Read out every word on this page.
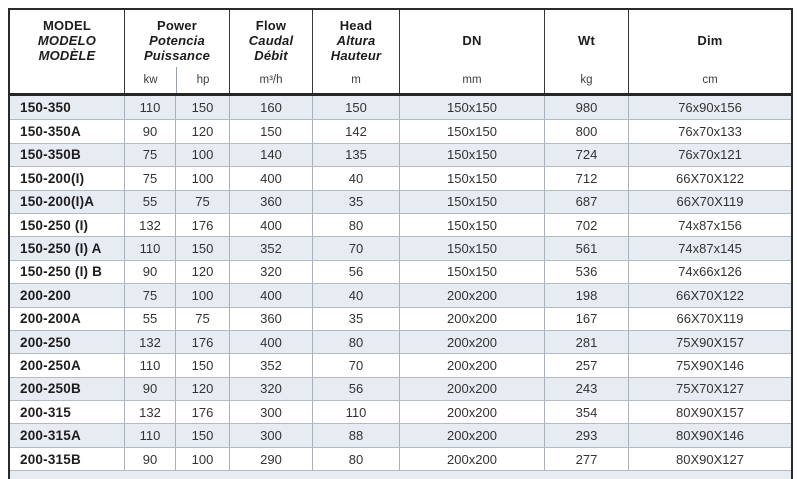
MODEL
MODELO
MODÈLE
Power
Potencia
Puissance
kw	hp
Flow
Caudal
Débit
m³/h
Head
Altura
Hauteur
m
DN
mm
Wt
kg
Dim
cm
150-350	110	150	160	150	150x150	980	76x90x156
150-350A	90	120	150	142	150x150	800	76x70x133
150-350B	75	100	140	135	150x150	724	76x70x121
150-200(I)	75	100	400	40	150x150	712	66X70X122
150-200(I)A	55	75	360	35	150x150	687	66X70X119
150-250 (I)	132	176	400	80	150x150	702	74x87x156
150-250 (I) A	110	150	352	70	150x150	561	74x87x145
150-250 (I) B	90	120	320	56	150x150	536	74x66x126
200-200	75	100	400	40	200x200	198	66X70X122
200-200A	55	75	360	35	200x200	167	66X70X119
200-250	132	176	400	80	200x200	281	75X90X157
200-250A	110	150	352	70	200x200	257	75X90X146
200-250B	90	120	320	56	200x200	243	75X70X127
200-315	132	176	300	110	200x200	354	80X90X157
200-315A	110	150	300	88	200x200	293	80X90X146
200-315B	90	100	290	80	200x200	277	80X90X127
